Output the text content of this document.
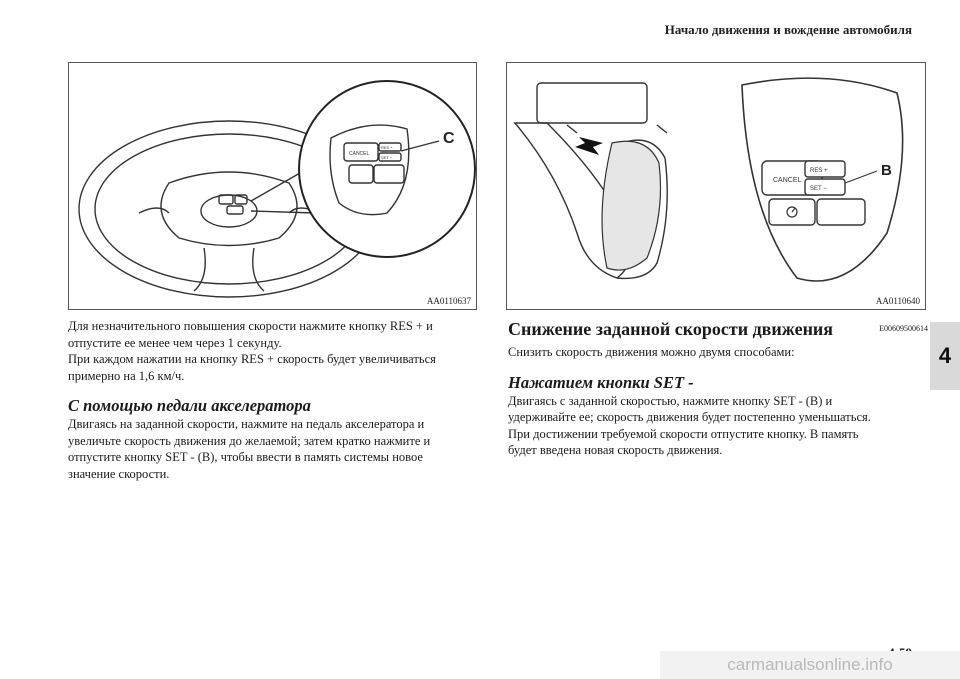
Начало движения и вождение автомобиля
4
CANCEL
RES +
SET −
C
AA0110637
CANCEL
RES +
SET −
B
AA0110640

Для незначительного повышения скорости нажмите кнопку RES + и

отпустите ее менее чем через 1 секунду.

При каждом нажатии на кнопку RES + скорость будет увеличиваться

примерно на 1,6 км/ч.

С помощью педали акселератора

Двигаясь на заданной скорости, нажмите на педаль акселератора и

увеличьте скорость движения до желаемой; затем кратко нажмите и

отпустите кнопку SET - (B), чтобы ввести в память системы новое

значение скорости.

Снижение заданной скорости движения	E00609500614

Снизить скорость движения можно двумя способами:

Нажатием кнопки SET -

Двигаясь с заданной скоростью, нажмите кнопку SET - (B) и

удерживайте ее; скорость движения будет постепенно уменьшаться.

При достижении требуемой скорости отпустите кнопку. В память

будет введена новая скорость движения.

carmanualsonline.info
